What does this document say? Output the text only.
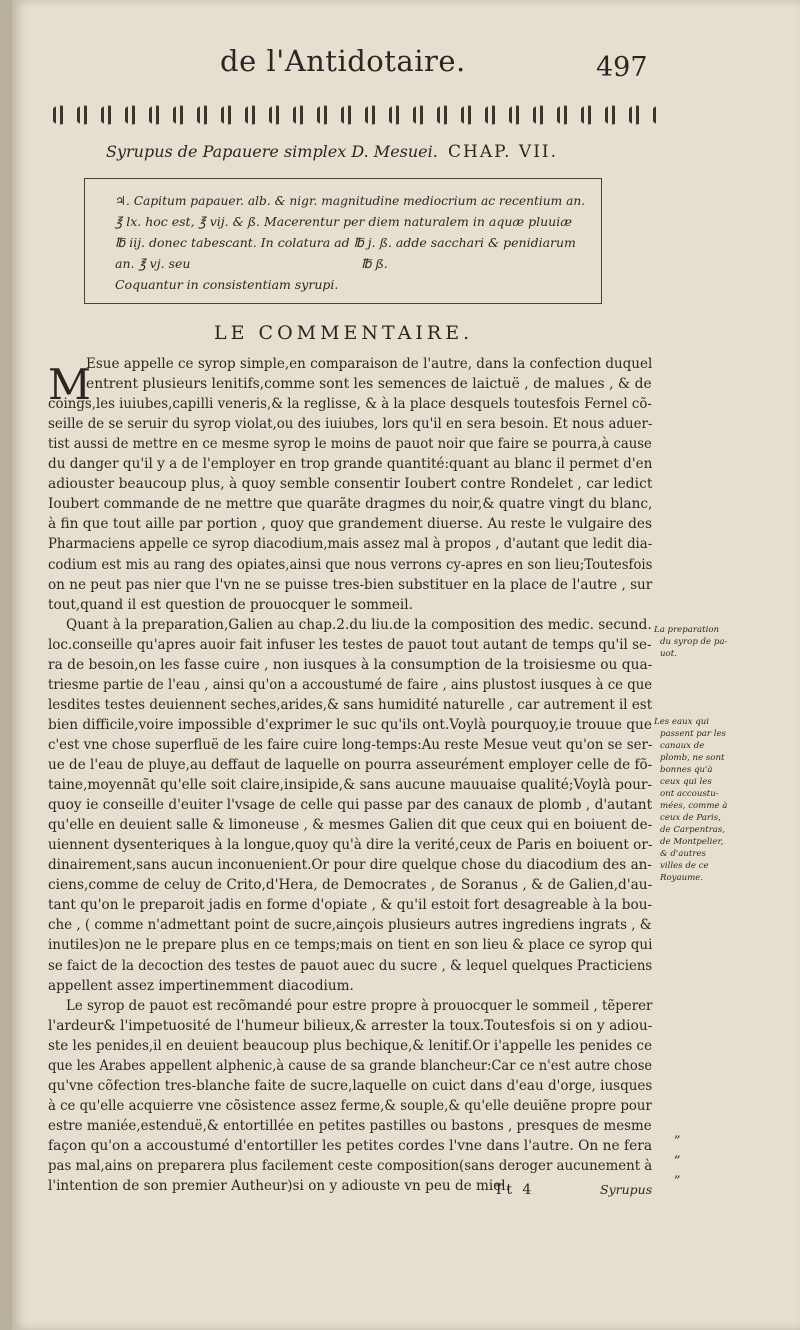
de l'Antidotaire.	497
Syrupus de Papauere simplex D. Mesuei. CHAP. VII.
♃. Capitum papauer. alb. & nigr. magnitudine mediocrium ac recentium an.
℥ lx. hoc est, ℥ vij. & ß. Macerentur per diem naturalem in aquæ pluuiæ
℔ iij. donec tabescant. In colatura ad ℔ j. ß. adde sacchari & penidiarum
an. ℥ vj. seu                                           ℔ ß.
Coquantur in consistentiam syrupi.
LE COMMENTAIRE.
M
Esue appelle ce syrop simple,en comparaison de l'autre, dans la confection duquel
entrent plusieurs lenitifs,comme sont les semences de laictuë , de malues , & de
coings,les iuiubes,capilli veneris,& la reglisse, & à la place desquels toutesfois Fernel cõ-
seille de se seruir du syrop violat,ou des iuiubes, lors qu'il en sera besoin. Et nous aduer-
tist aussi de mettre en ce mesme syrop le moins de pauot noir que faire se pourra,à cause
du danger qu'il y a de l'employer en trop grande quantité:quant au blanc il permet d'en
adiouster beaucoup plus, à quoy semble consentir Ioubert contre Rondelet , car ledict
Ioubert commande de ne mettre que quarãte dragmes du noir,& quatre vingt du blanc,
à fin que tout aille par portion , quoy que grandement diuerse. Au reste le vulgaire des
Pharmaciens appelle ce syrop diacodium,mais assez mal à propos , d'autant que ledit dia-
codium est mis au rang des opiates,ainsi que nous verrons cy-apres en son lieu;Toutesfois
on ne peut pas nier que l'vn ne se puisse tres-bien substituer en la place de l'autre , sur
tout,quand il est question de prouocquer le sommeil.
Quant à la preparation,Galien au chap.2.du liu.de la composition des medic. secund.
loc.conseille qu'apres auoir fait infuser les testes de pauot tout autant de temps qu'il se-
ra de besoin,on les fasse cuire , non iusques à la consumption de la troisiesme ou qua-
triesme partie de l'eau , ainsi qu'on a accoustumé de faire , ains plustost iusques à ce que
lesdites testes deuiennent seches,arides,& sans humidité naturelle , car autrement il est
bien difficile,voire impossible d'exprimer le suc qu'ils ont.Voylà pourquoy,ie trouue que
c'est vne chose superfluë de les faire cuire long-temps:Au reste Mesue veut qu'on se ser-
ue de l'eau de pluye,au deffaut de laquelle on pourra asseurément employer celle de fõ-
taine,moyennãt qu'elle soit claire,insipide,& sans aucune mauuaise qualité;Voylà pour-
quoy ie conseille d'euiter l'vsage de celle qui passe par des canaux de plomb , d'autant
qu'elle en deuient salle & limoneuse , & mesmes Galien dit que ceux qui en boiuent de-
uiennent dysenteriques à la longue,quoy qu'à dire la verité,ceux de Paris en boiuent or-
dinairement,sans aucun inconuenient.Or pour dire quelque chose du diacodium des an-
ciens,comme de celuy de Crito,d'Hera, de Democrates , de Soranus , & de Galien,d'au-
tant qu'on le preparoit jadis en forme d'opiate , & qu'il estoit fort desagreable à la bou-
che , ( comme n'admettant point de sucre,ainçois plusieurs autres ingrediens ingrats , &
inutiles)on ne le prepare plus en ce temps;mais on tient en son lieu & place ce syrop qui
se faict de la decoction des testes de pauot auec du sucre , & lequel quelques Practiciens
appellent assez impertinemment diacodium.
Le syrop de pauot est recõmandé pour estre propre à prouocquer le sommeil , tẽperer
l'ardeur& l'impetuosité de l'humeur bilieux,& arrester la toux.Toutesfois si on y adiou-
ste les penides,il en deuient beaucoup plus bechique,& lenitif.Or i'appelle les penides ce
que les Arabes appellent alphenic,à cause de sa grande blancheur:Car ce n'est autre chose
qu'vne cõfection tres-blanche faite de sucre,laquelle on cuict dans d'eau d'orge, iusques
à ce qu'elle acquierre vne cõsistence assez ferme,& souple,& qu'elle deuiẽne propre pour
estre maniée,estenduë,& entortillée en petites pastilles ou bastons , presques de mesme
façon qu'on a accoustumé d'entortiller les petites cordes l'vne dans l'autre. On ne fera
pas mal,ains on preparera plus facilement ceste composition(sans deroger aucunement à
l'intention de son premier Autheur)si on y adiouste vn peu de miel.
La preparation
du syrop de pa-
uot.
Les eaux qui
passent par les
canaux de
plomb, ne sont
bonnes qu'à
ceux qui les
ont accoustu-
mées, comme à
ceux de Paris,
de Carpentras,
de Montpelier,
& d'autres
villes de ce
Royaume.
„
„
„
Tt 4	Syrupus
